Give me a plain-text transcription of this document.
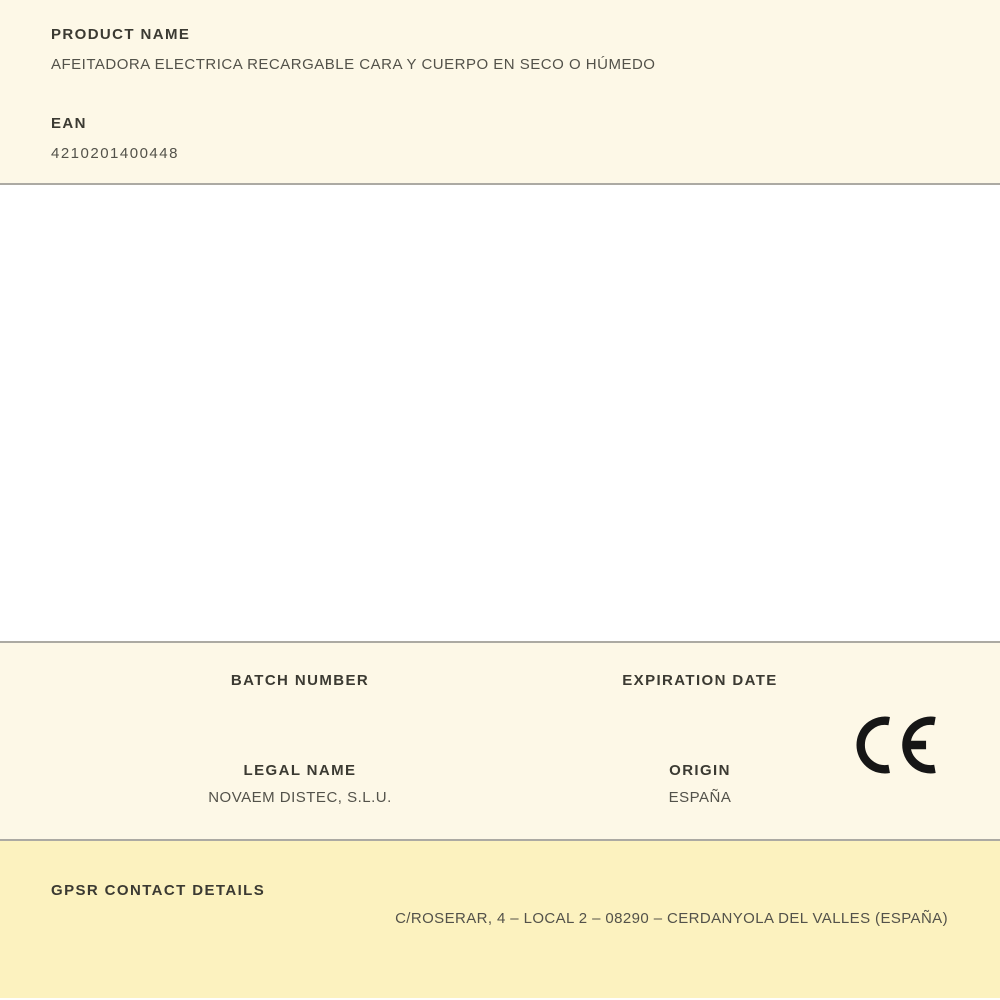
PRODUCT NAME
AFEITADORA ELECTRICA RECARGABLE CARA Y CUERPO EN SECO O HÚMEDO
EAN
4210201400448
BATCH NUMBER	EXPIRATION DATE
LEGAL NAME
NOVAEM DISTEC, S.L.U.
ORIGIN
ESPAÑA
GPSR CONTACT DETAILS
C/ROSERAR, 4 – LOCAL 2 – 08290 – CERDANYOLA DEL VALLES (ESPAÑA)
